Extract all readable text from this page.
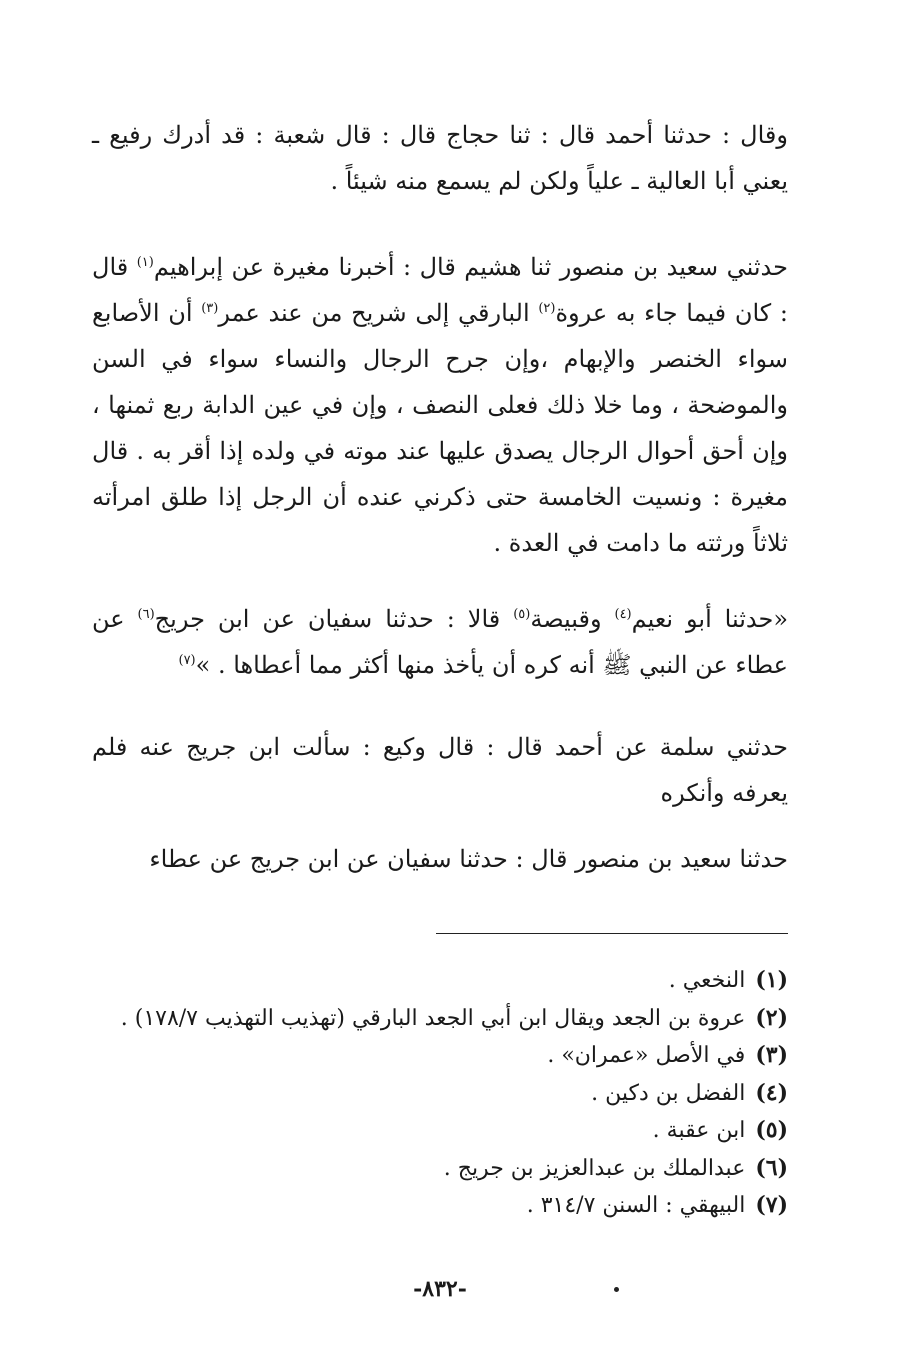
وقال : حدثنا أحمد قال : ثنا حجاج قال : قال شعبة : قد أدرك رفيع ـ يعني أبا العالية ـ علياً ولكن لم يسمع منه شيئاً .

حدثني سعيد بن منصور ثنا هشيم قال : أخبرنا مغيرة عن إبراهيم$^{(١)}$ قال : كان فيما جاء به عروة$^{(٢)}$ البارقي إلى شريح من عند عمر$^{(٣)}$ أن الأصابع سواء الخنصر والإبهام ،وإن جرح الرجال والنساء سواء في السن والموضحة ، وما خلا ذلك فعلى النصف ، وإن في عين الدابة ربع ثمنها ، وإن أحق أحوال الرجال يصدق عليها عند موته في ولده إذا أقر به . قال مغيرة : ونسيت الخامسة حتى ذكرني عنده أن الرجل إذا طلق امرأته ثلاثاً ورثته ما دامت في العدة .

«حدثنا أبو نعيم$^{(٤)}$ وقبيصة$^{(٥)}$ قالا : حدثنا سفيان عن ابن جريج$^{(٦)}$ عن عطاء عن النبي ﷺ أنه كره أن يأخذ منها أكثر مما أعطاها . »$^{(٧)}$

حدثني سلمة عن أحمد قال : قال وكيع : سألت ابن جريج عنه فلم يعرفه وأنكره

حدثنا سعيد بن منصور قال : حدثنا سفيان عن ابن جريج عن عطاء

(١)النخعي .
(٢)عروة بن الجعد ويقال ابن أبي الجعد البارقي (تهذيب التهذيب ١٧٨/٧) .
(٣)في الأصل «عمران» .
(٤)الفضل بن دكين .
(٥)ابن عقبة .
(٦)عبدالملك بن عبدالعزيز بن جريج .
(٧)البيهقي : السنن ٣١٤/٧ .
-٨٣٢-
